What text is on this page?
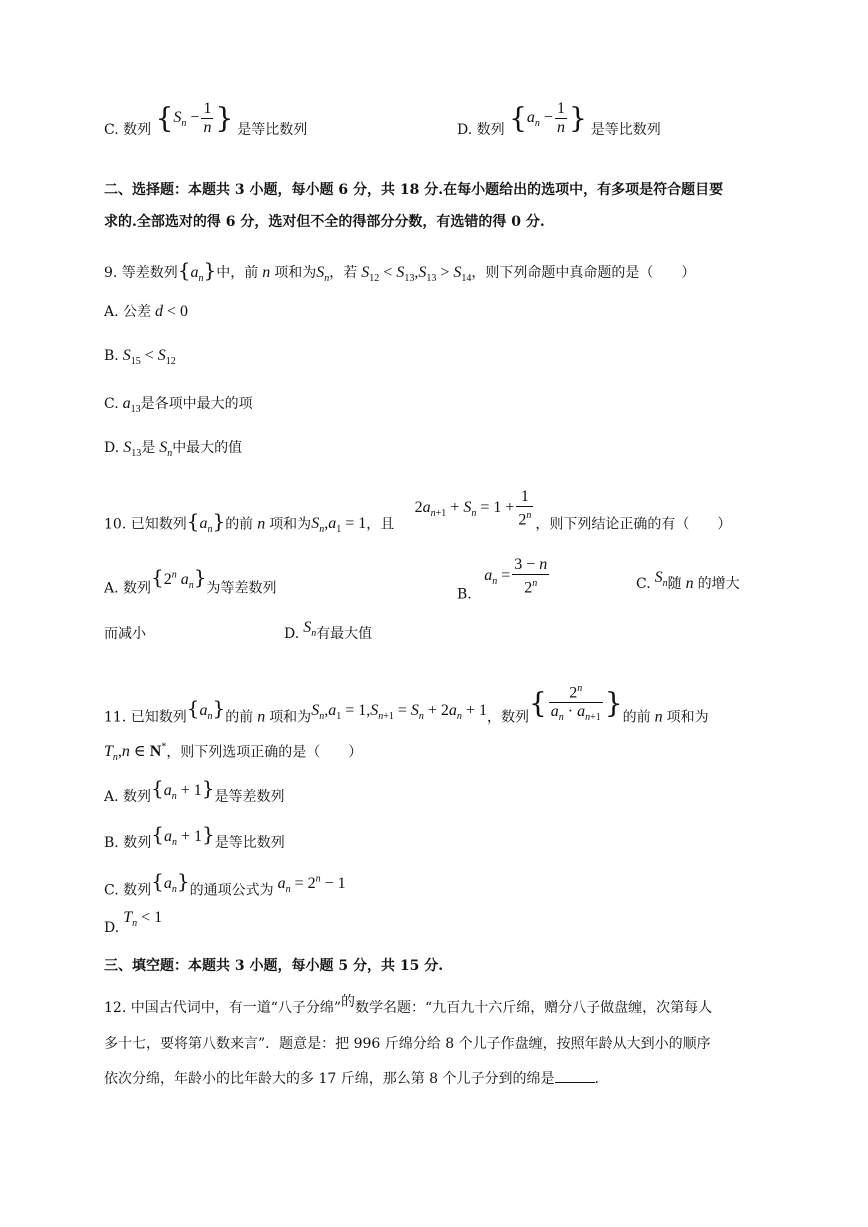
C. 数列 {$S_n - \frac{1}{n}$ } 是等比数列	D. 数列 {$a_n - \frac{1}{n}$ } 是等比数列
二、选择题：本题共 3 小题，每小题 6 分，共 18 分.在每小题给出的选项中，有多项是符合题目要
求的.全部选对的得 6 分，选对但不全的得部分分数，有选错的得 0 分.
9. 等差数列$\{a_n\}$中，前 n 项和为$S_n$，若 $S_{12} < S_{13},S_{13} > S_{14}$，则下列命题中真命题的是（　　）
A. 公差 d < 0
B. $S_{15} < S_{12}$
C. $a_{13}$是各项中最大的项
D. $S_{13}$是 $S_n$中最大的值
10. 已知数列$\{a_n\}$的前 n 项和为$S_n,a_1 = 1$，且 $2a_{n+1} + S_n = 1 + \frac{1}{2^n}$ ，则下列结论正确的有（　　）
A. 数列{2$^n$ $a_n$}为等差数列	B. $a_n = \frac{3 - n}{2^n}$	C. $S_n$随 n 的增大
而减小	D. $S_n$有最大值
11. 已知数列$\{a_n\}$的前 n 项和为$S_n,a_1 = 1,S_{n+1} = S_n + 2a_n + 1$，数列{ $\frac{2^n}{a_n \cdot a_{n+1}}$ }的前 n 项和为
$T_n,n$ ∈ N*，则下列选项正确的是（　　）
A. 数列$\{a_n + 1\}$是等差数列
B. 数列$\{a_n + 1\}$是等比数列
C. 数列$\{a_n\}$的通项公式为 $a_n = 2^n - 1$
D. $T_n < 1$
三、填空题：本题共 3 小题，每小题 5 分，共 15 分.
12. 中国古代词中，有一道“八子分绵”的数学名题：“九百九十六斤绵，赠分八子做盘缠，次第每人
多十七，要将第八数来言”．题意是：把 996 斤绵分给 8 个儿子作盘缠，按照年龄从大到小的顺序
依次分绵，年龄小的比年龄大的多 17 斤绵，那么第 8 个儿子分到的绵是	.
